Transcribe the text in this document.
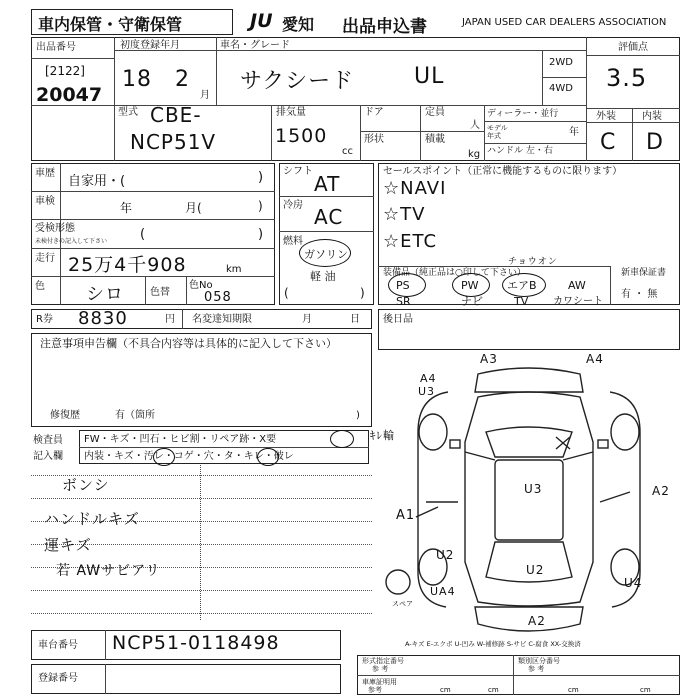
車内保管・守衛保管	JU 愛知 出品申込書	JAPAN USED CAR DEALERS ASSOCIATION
出品番号
[2122]
20047
初度登録年月
18 2
月
車名・グレード
サクシード	UL
2WD
4WD
評価点
3.5
型式 CBE-
NCP51V
排気量
1500
cc
ドア
形状
定員
人
積載
kg
ディーラー・並行
モデル
年式	年
ハンドル 左・右
外装	内装
C D
車歴
自家用・(	)
車検	年	月(	)
受検形態
未検付きの記入して下さい	(	)
走行 25万4千908	km
色 シロ	色替
色No
058
シフト
AT
冷房 AC
燃料
ガソリン
軽 油
(	)
セールスポイント（正常に機能するものに限ります）
☆NAVI
☆TV
☆ETC
チョウオン
装備品（純正品は○印して下さい）	新車保証書
有 ・ 無
PS	PW	エアB	AW
SR	ナビ	TV カワシート
R券 8830	円 名変達知期限	月	日 後日品
注意事項申告欄（不具合内容等は具体的に記入して下さい）
修復歴	有（箇所	)
検査員
記入欄
FW・キズ・凹石・ヒビ割・リペア跡・X要
内装・キズ・汚レ・コゲ・穴・タ・キレ・破レ
ｷﾚ輸
ボンシ
ハンドルキズ
運キズ
若 AWサビアリ
A3	A4
A4
U3
A1
U3	A2
U2
U2
A2
UA4
U4
スペア
A-キズ E-エクボ U-凹み W-補修跡 S-サビ C-腐食 XX-交換済
車台番号 NCP51-0118498
登録番号
形式指定番号
参 考
類別区分番号
参 考
車庫証明用
参考	cm	cm	cm	cm
